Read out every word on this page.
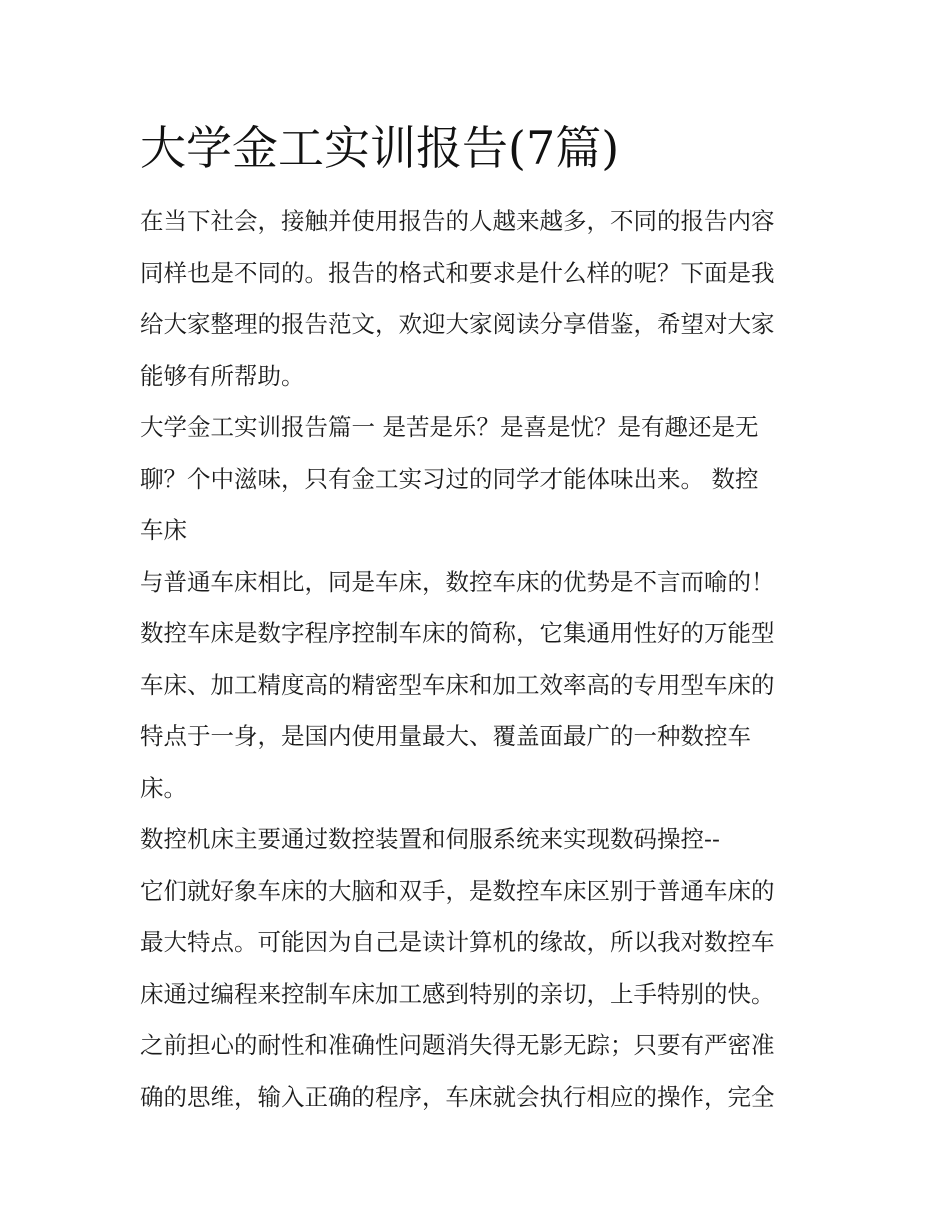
大学金工实训报告(7篇)
在当下社会，接触并使用报告的人越来越多，不同的报告内容
同样也是不同的。报告的格式和要求是什么样的呢？下面是我
给大家整理的报告范文，欢迎大家阅读分享借鉴，希望对大家
能够有所帮助。
大学金工实训报告篇一 是苦是乐？是喜是忧？是有趣还是无
聊？个中滋味，只有金工实习过的同学才能体味出来。 数控
车床
与普通车床相比，同是车床，数控车床的优势是不言而喻的！
数控车床是数字程序控制车床的简称，它集通用性好的万能型
车床、加工精度高的精密型车床和加工效率高的专用型车床的
特点于一身，是国内使用量最大、覆盖面最广的一种数控车
床。
数控机床主要通过数控装置和伺服系统来实现数码操控--
它们就好象车床的大脑和双手，是数控车床区别于普通车床的
最大特点。可能因为自己是读计算机的缘故，所以我对数控车
床通过编程来控制车床加工感到特别的亲切，上手特别的快。
之前担心的耐性和准确性问题消失得无影无踪；只要有严密准
确的思维，输入正确的程序，车床就会执行相应的操作，完全
